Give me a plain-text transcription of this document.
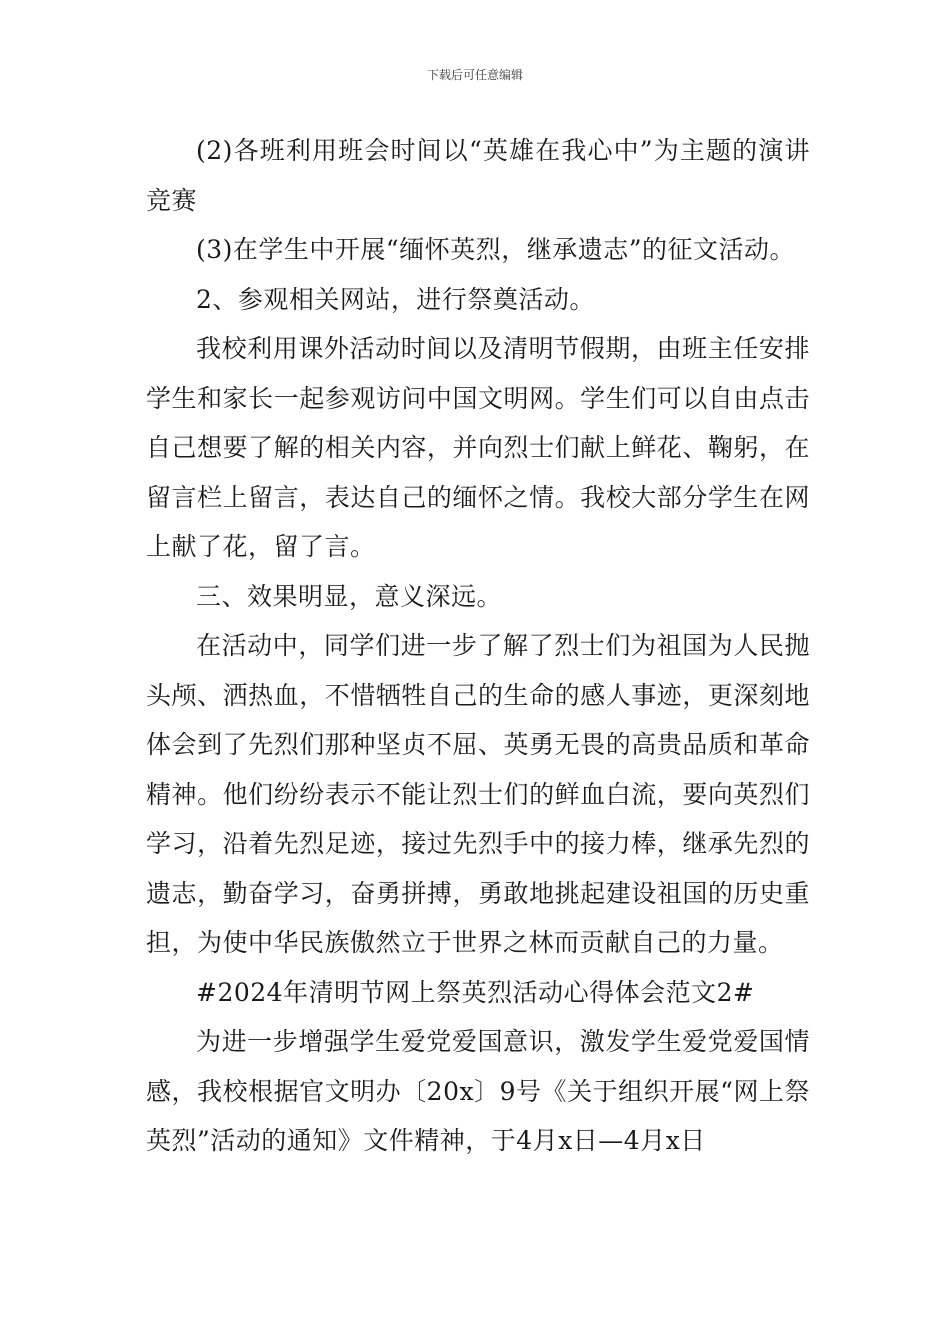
下载后可任意编辑

(2)各班利用班会时间以“英雄在我心中”为主题的演讲竞赛

(3)在学生中开展“缅怀英烈，继承遗志”的征文活动。

2、参观相关网站，进行祭奠活动。

我校利用课外活动时间以及清明节假期，由班主任安排学生和家长一起参观访问中国文明网。学生们可以自由点击自己想要了解的相关内容，并向烈士们献上鲜花、鞠躬，在留言栏上留言，表达自己的缅怀之情。我校大部分学生在网上献了花，留了言。

三、效果明显，意义深远。

在活动中，同学们进一步了解了烈士们为祖国为人民抛头颅、洒热血，不惜牺牲自己的生命的感人事迹，更深刻地体会到了先烈们那种坚贞不屈、英勇无畏的高贵品质和革命精神。他们纷纷表示不能让烈士们的鲜血白流，要向英烈们学习，沿着先烈足迹，接过先烈手中的接力棒，继承先烈的遗志，勤奋学习，奋勇拼搏，勇敢地挑起建设祖国的历史重担，为使中华民族傲然立于世界之林而贡献自己的力量。

#2024年清明节网上祭英烈活动心得体会范文2#

为进一步增强学生爱党爱国意识，激发学生爱党爱国情感，我校根据官文明办〔20x〕9号《关于组织开展“网上祭英烈”活动的通知》文件精神，于4月x日—4月x日
